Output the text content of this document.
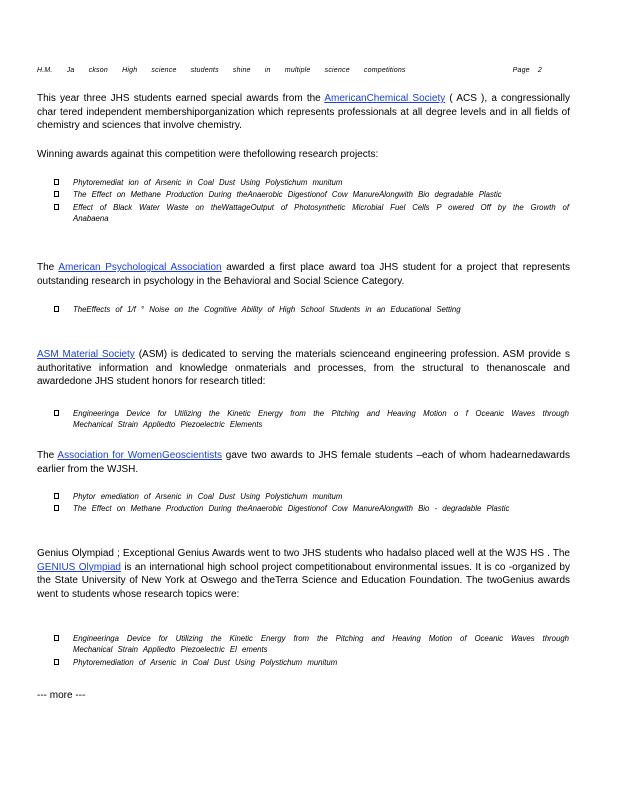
H.M. Ja ckson High science students shine in multiple science competitions	Page 2
This year three JHS students earned special awards from the AmericanChemical Society ( ACS ), a congressionally char tered independent membershiporganization which represents professionals at all degree levels and in all fields of chemistry and sciences that involve chemistry.
Winning awards againat this competition were thefollowing research projects:
Phytoremediat ion of Arsenic in Coal Dust Using Polystichum munitum
The Effect on Methane Production During theAnaerobic Digestionof Cow ManureAlongwith Bio degradable Plastic
Effect of Black Water Waste on theWattageOutput of Photosynthetic Microbial Fuel Cells P owered Off by the Growth of Anabaena
The American Psychological Association awarded a first place award toa JHS student for a project that represents outstanding research in psychology in the Behavioral and Social Science Category.
TheEffects of 1/f ° Noise on the Cognitive Ability of High School Students in an Educational Setting
ASM Material Society (ASM) is dedicated to serving the materials scienceand engineering profession. ASM provide s authoritative information and knowledge onmaterials and processes, from the structural to thenanoscale and awardedone JHS student honors for research titled:
Engineeringa Device for Utilizing the Kinetic Energy from the Pitching and Heaving Motion o f Oceanic Waves through Mechanical Strain Appliedto Piezoelectric Elements
The Association for WomenGeoscientists gave two awards to JHS female students –each of whom hadearnedawards earlier from the WJSH.
Phytor emediation of Arsenic in Coal Dust Using Polystichum munitum
The Effect on Methane Production During theAnaerobic Digestionof Cow ManureAlongwith Bio - degradable Plastic
Genius Olympiad ; Exceptional Genius Awards went to two JHS students who hadalso placed well at the WJS HS . The GENIUS Olympiad is an international high school project competitionabout environmental issues. It is co -organized by the State University of New York at Oswego and theTerra Science and Education Foundation. The twoGenius awards went to students whose research topics were:
Engineeringa Device for Utilizing the Kinetic Energy from the Pitching and Heaving Motion of Oceanic Waves through Mechanical Strain Appliedto Piezoelectric El ements
Phytoremediation of Arsenic in Coal Dust Using Polystichum munitum
--- more ---
